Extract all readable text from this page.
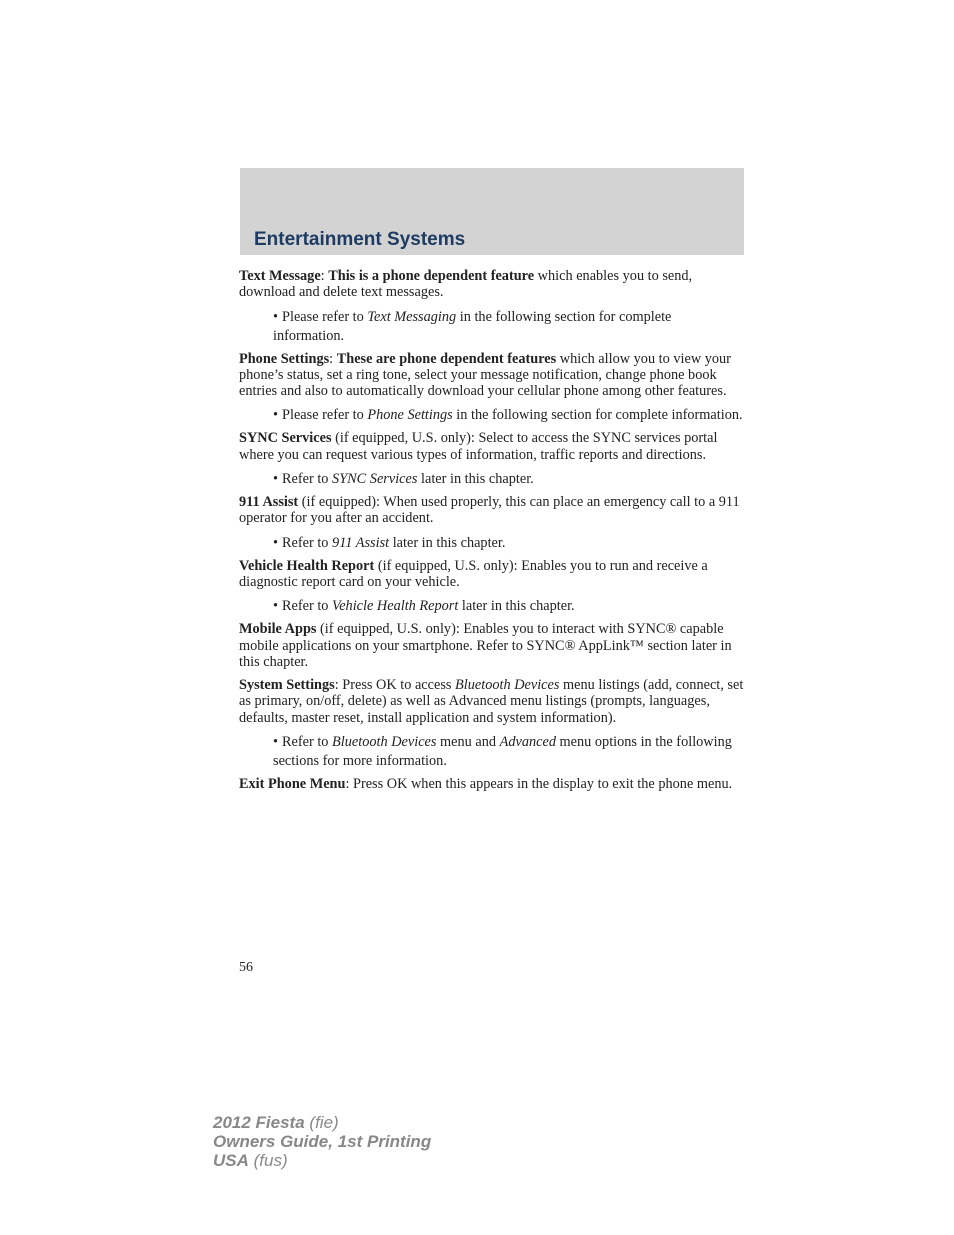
Entertainment Systems

Text Message: This is a phone dependent feature which enables you to send, download and delete text messages.

• Please refer to Text Messaging in the following section for complete information.

Phone Settings: These are phone dependent features which allow you to view your phone’s status, set a ring tone, select your message notification, change phone book entries and also to automatically download your cellular phone among other features.

• Please refer to Phone Settings in the following section for complete information.

SYNC Services (if equipped, U.S. only): Select to access the SYNC services portal where you can request various types of information, traffic reports and directions.

• Refer to SYNC Services later in this chapter.

911 Assist (if equipped): When used properly, this can place an emergency call to a 911 operator for you after an accident.

• Refer to 911 Assist later in this chapter.

Vehicle Health Report (if equipped, U.S. only): Enables you to run and receive a diagnostic report card on your vehicle.

• Refer to Vehicle Health Report later in this chapter.

Mobile Apps (if equipped, U.S. only): Enables you to interact with SYNC® capable mobile applications on your smartphone. Refer to SYNC® AppLink™ section later in this chapter.

System Settings: Press OK to access Bluetooth Devices menu listings (add, connect, set as primary, on/off, delete) as well as Advanced menu listings (prompts, languages, defaults, master reset, install application and system information).

• Refer to Bluetooth Devices menu and Advanced menu options in the following sections for more information.

Exit Phone Menu: Press OK when this appears in the display to exit the phone menu.

56
2012 Fiesta (fie)
Owners Guide, 1st Printing
USA (fus)
